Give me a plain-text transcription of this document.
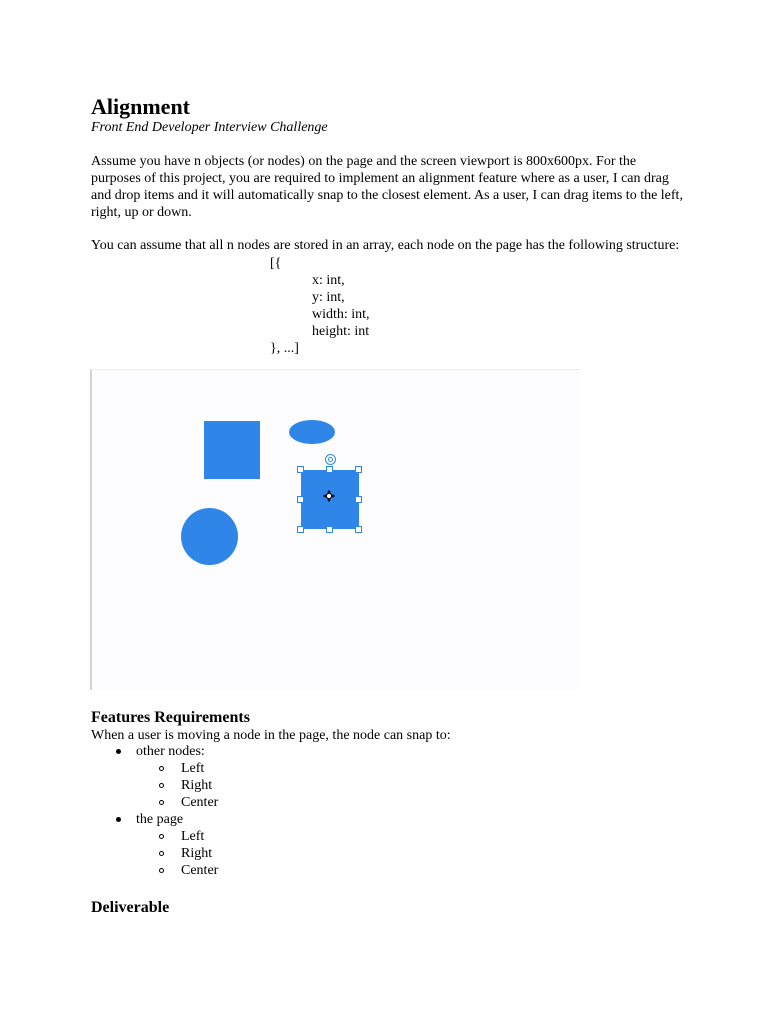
Alignment

Front End Developer Interview Challenge

Assume you have n objects (or nodes) on the page and the screen viewport is 800x600px. For the purposes of this project, you are required to implement an alignment feature where as a user, I can drag and drop items and it will automatically snap to the closest element. As a user, I can drag items to the left, right, up or down.

You can assume that all n nodes are stored in an array, each node on the page has the following structure:

[{
x: int,
y: int,
width: int,
height: int
}, ...]
Features Requirements

When a user is moving a node in the page, the node can snap to:

other nodes:
Left
Right
Center
the page
Left
Right
Center
Deliverable
